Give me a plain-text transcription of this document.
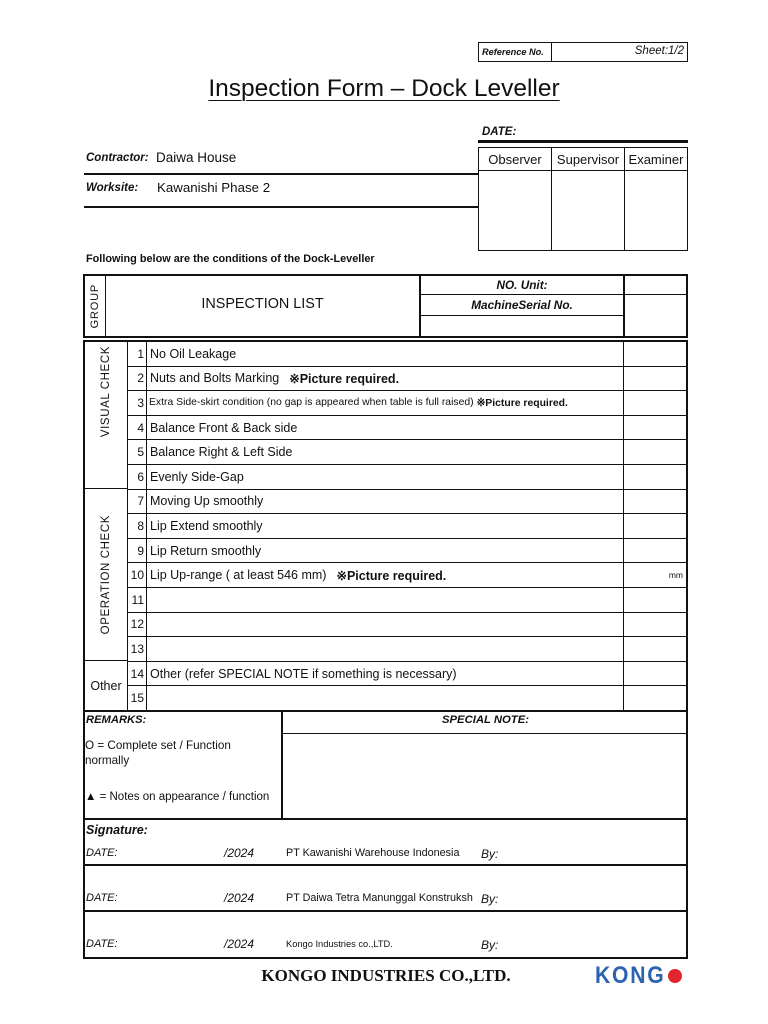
Reference No.	Sheet:1/2
Inspection Form – Dock Leveller
DATE:
Observer	Supervisor Examiner
Contractor: Daiwa House
Worksite: Kawanishi Phase 2
Following below are the conditions of the Dock-Leveller
GROUP	INSPECTION LIST
NO. Unit:
MachineSerial No.
VISUAL CHECK
OPERATION CHECK
Other
1 No Oil Leakage
2 Nuts and Bolts Marking ※Picture required.
3 Extra Side-skirt condition (no gap is appeared when table is full raised) ※Picture required.
4 Balance Front & Back side
5 Balance Right & Left Side
6 Evenly Side-Gap
7 Moving Up smoothly
8 Lip Extend smoothly
9 Lip Return smoothly
10 Lip Up-range ( at least 546 mm) ※Picture required.	mm
11
12
13
14 Other (refer SPECIAL NOTE if something is necessary)
15
REMARKS:	SPECIAL NOTE:
O = Complete set / Function normally
▲ = Notes on appearance / function
Signature:
DATE:	/2024	PT Kawanishi Warehouse Indonesia By:
DATE:	/2024	PT Daiwa Tetra Manunggal Konstruksh By:
DATE:	/2024	Kongo Industries co.,LTD.	By:
KONGO INDUSTRIES CO.,LTD.	KONG
